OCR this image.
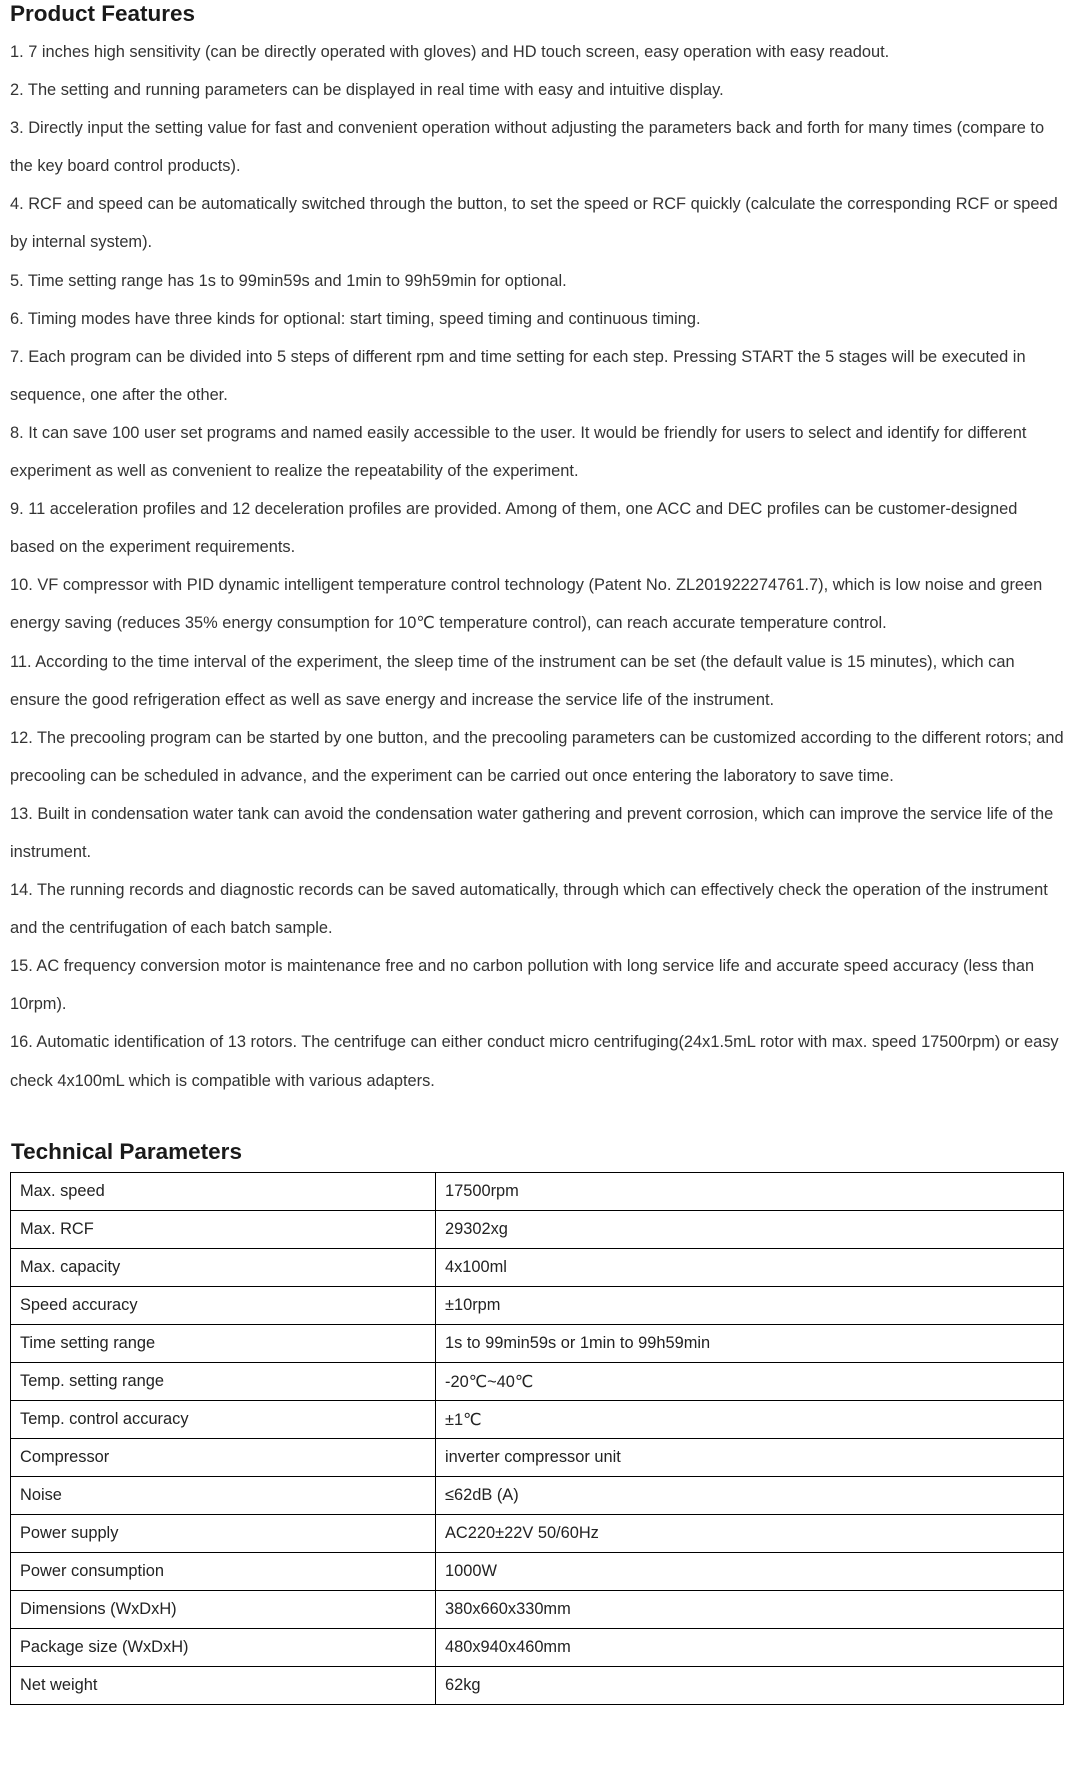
Product Features
1. 7 inches high sensitivity (can be directly operated with gloves) and HD touch screen, easy operation with easy readout.
2. The setting and running parameters can be displayed in real time with easy and intuitive display.
3. Directly input the setting value for fast and convenient operation without adjusting the parameters back and forth for many times (compare to the key board control products).
4. RCF and speed can be automatically switched through the button, to set the speed or RCF quickly (calculate the corresponding RCF or speed by internal system).
5. Time setting range has 1s to 99min59s and 1min to 99h59min for optional.
6. Timing modes have three kinds for optional: start timing, speed timing and continuous timing.
7. Each program can be divided into 5 steps of different rpm and time setting for each step. Pressing START the 5 stages will be executed in sequence, one after the other.
8. It can save 100 user set programs and named easily accessible to the user. It would be friendly for users to select and identify for different experiment as well as convenient to realize the repeatability of the experiment.
9. 11 acceleration profiles and 12 deceleration profiles are provided. Among of them, one ACC and DEC profiles can be customer-designed based on the experiment requirements.
10. VF compressor with PID dynamic intelligent temperature control technology (Patent No. ZL201922274761.7), which is low noise and green energy saving (reduces 35% energy consumption for 10℃ temperature control), can reach accurate temperature control.
11. According to the time interval of the experiment, the sleep time of the instrument can be set (the default value is 15 minutes), which can ensure the good refrigeration effect as well as save energy and increase the service life of the instrument.
12. The precooling program can be started by one button, and the precooling parameters can be customized according to the different rotors; and precooling can be scheduled in advance, and the experiment can be carried out once entering the laboratory to save time.
13. Built in condensation water tank can avoid the condensation water gathering and prevent corrosion, which can improve the service life of the instrument.
14. The running records and diagnostic records can be saved automatically, through which can effectively check the operation of the instrument and the centrifugation of each batch sample.
15. AC frequency conversion motor is maintenance free and no carbon pollution with long service life and accurate speed accuracy (less than 10rpm).
16. Automatic identification of 13 rotors. The centrifuge can either conduct micro centrifuging(24x1.5mL rotor with max. speed 17500rpm) or easy check 4x100mL which is compatible with various adapters.
Technical Parameters
Max. speed	17500rpm
Max. RCF	29302xg
Max. capacity	4x100ml
Speed accuracy	±10rpm
Time setting range	1s to 99min59s or 1min to 99h59min
Temp. setting range	-20℃~40℃
Temp. control accuracy	±1℃
Compressor	inverter compressor unit
Noise	≤62dB (A)
Power supply	AC220±22V 50/60Hz
Power consumption	1000W
Dimensions (WxDxH)	380x660x330mm
Package size (WxDxH)	480x940x460mm
Net weight	62kg
